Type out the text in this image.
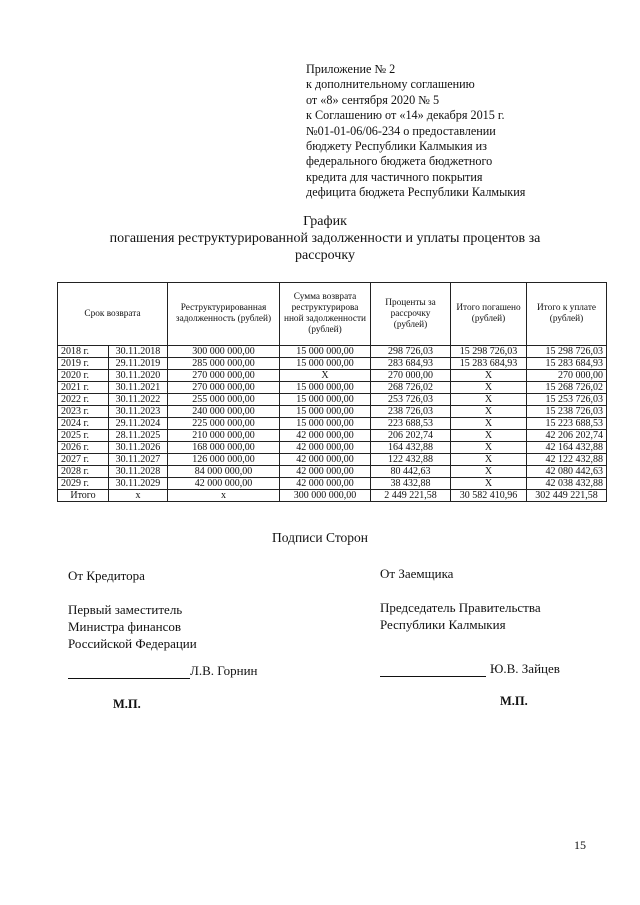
Приложение № 2
к дополнительному соглашению
от «8» сентября 2020 № 5
к Соглашению от «14» декабря 2015 г.
№01-01-06/06-234 о предоставлении
бюджету Республики Калмыкия из
федерального бюджета бюджетного
кредита для частичного покрытия
дефицита бюджета Республики Калмыкия
График
погашения реструктурированной задолженности и уплаты процентов за
рассрочку
Срок возврата		Реструктурированная задолженность (рублей)	Сумма возврата реструктурирова нной задолженности (рублей)	Проценты за рассрочку (рублей)	Итого погашено (рублей)	Итого к уплате (рублей)
2018 г.	30.11.2018	300 000 000,00	15 000 000,00	298 726,03	15 298 726,03	15 298 726,03
2019 г.	29.11.2019	285 000 000,00	15 000 000,00	283 684,93	15 283 684,93	15 283 684,93
2020 г.	30.11.2020	270 000 000,00	Х	270 000,00	Х	270 000,00
2021 г.	30.11.2021	270 000 000,00	15 000 000,00	268 726,02	Х	15 268 726,02
2022 г.	30.11.2022	255 000 000,00	15 000 000,00	253 726,03	Х	15 253 726,03
2023 г.	30.11.2023	240 000 000,00	15 000 000,00	238 726,03	Х	15 238 726,03
2024 г.	29.11.2024	225 000 000,00	15 000 000,00	223 688,53	Х	15 223 688,53
2025 г.	28.11.2025	210 000 000,00	42 000 000,00	206 202,74	Х	42 206 202,74
2026 г.	30.11.2026	168 000 000,00	42 000 000,00	164 432,88	Х	42 164 432,88
2027 г.	30.11.2027	126 000 000,00	42 000 000,00	122 432,88	Х	42 122 432,88
2028 г.	30.11.2028	84 000 000,00	42 000 000,00	80 442,63	Х	42 080 442,63
2029 г.	30.11.2029	42 000 000,00	42 000 000,00	38 432,88	Х	42 038 432,88
Итого	х	х	300 000 000,00	2 449 221,58	30 582 410,96	302 449 221,58
Подписи Сторон
От Кредитора
Первый заместитель
Министра финансов
Российской Федерации
Л.В. Горнин
М.П.
От Заемщика
Председатель Правительства
Республики Калмыкия
Ю.В. Зайцев
М.П.
15
